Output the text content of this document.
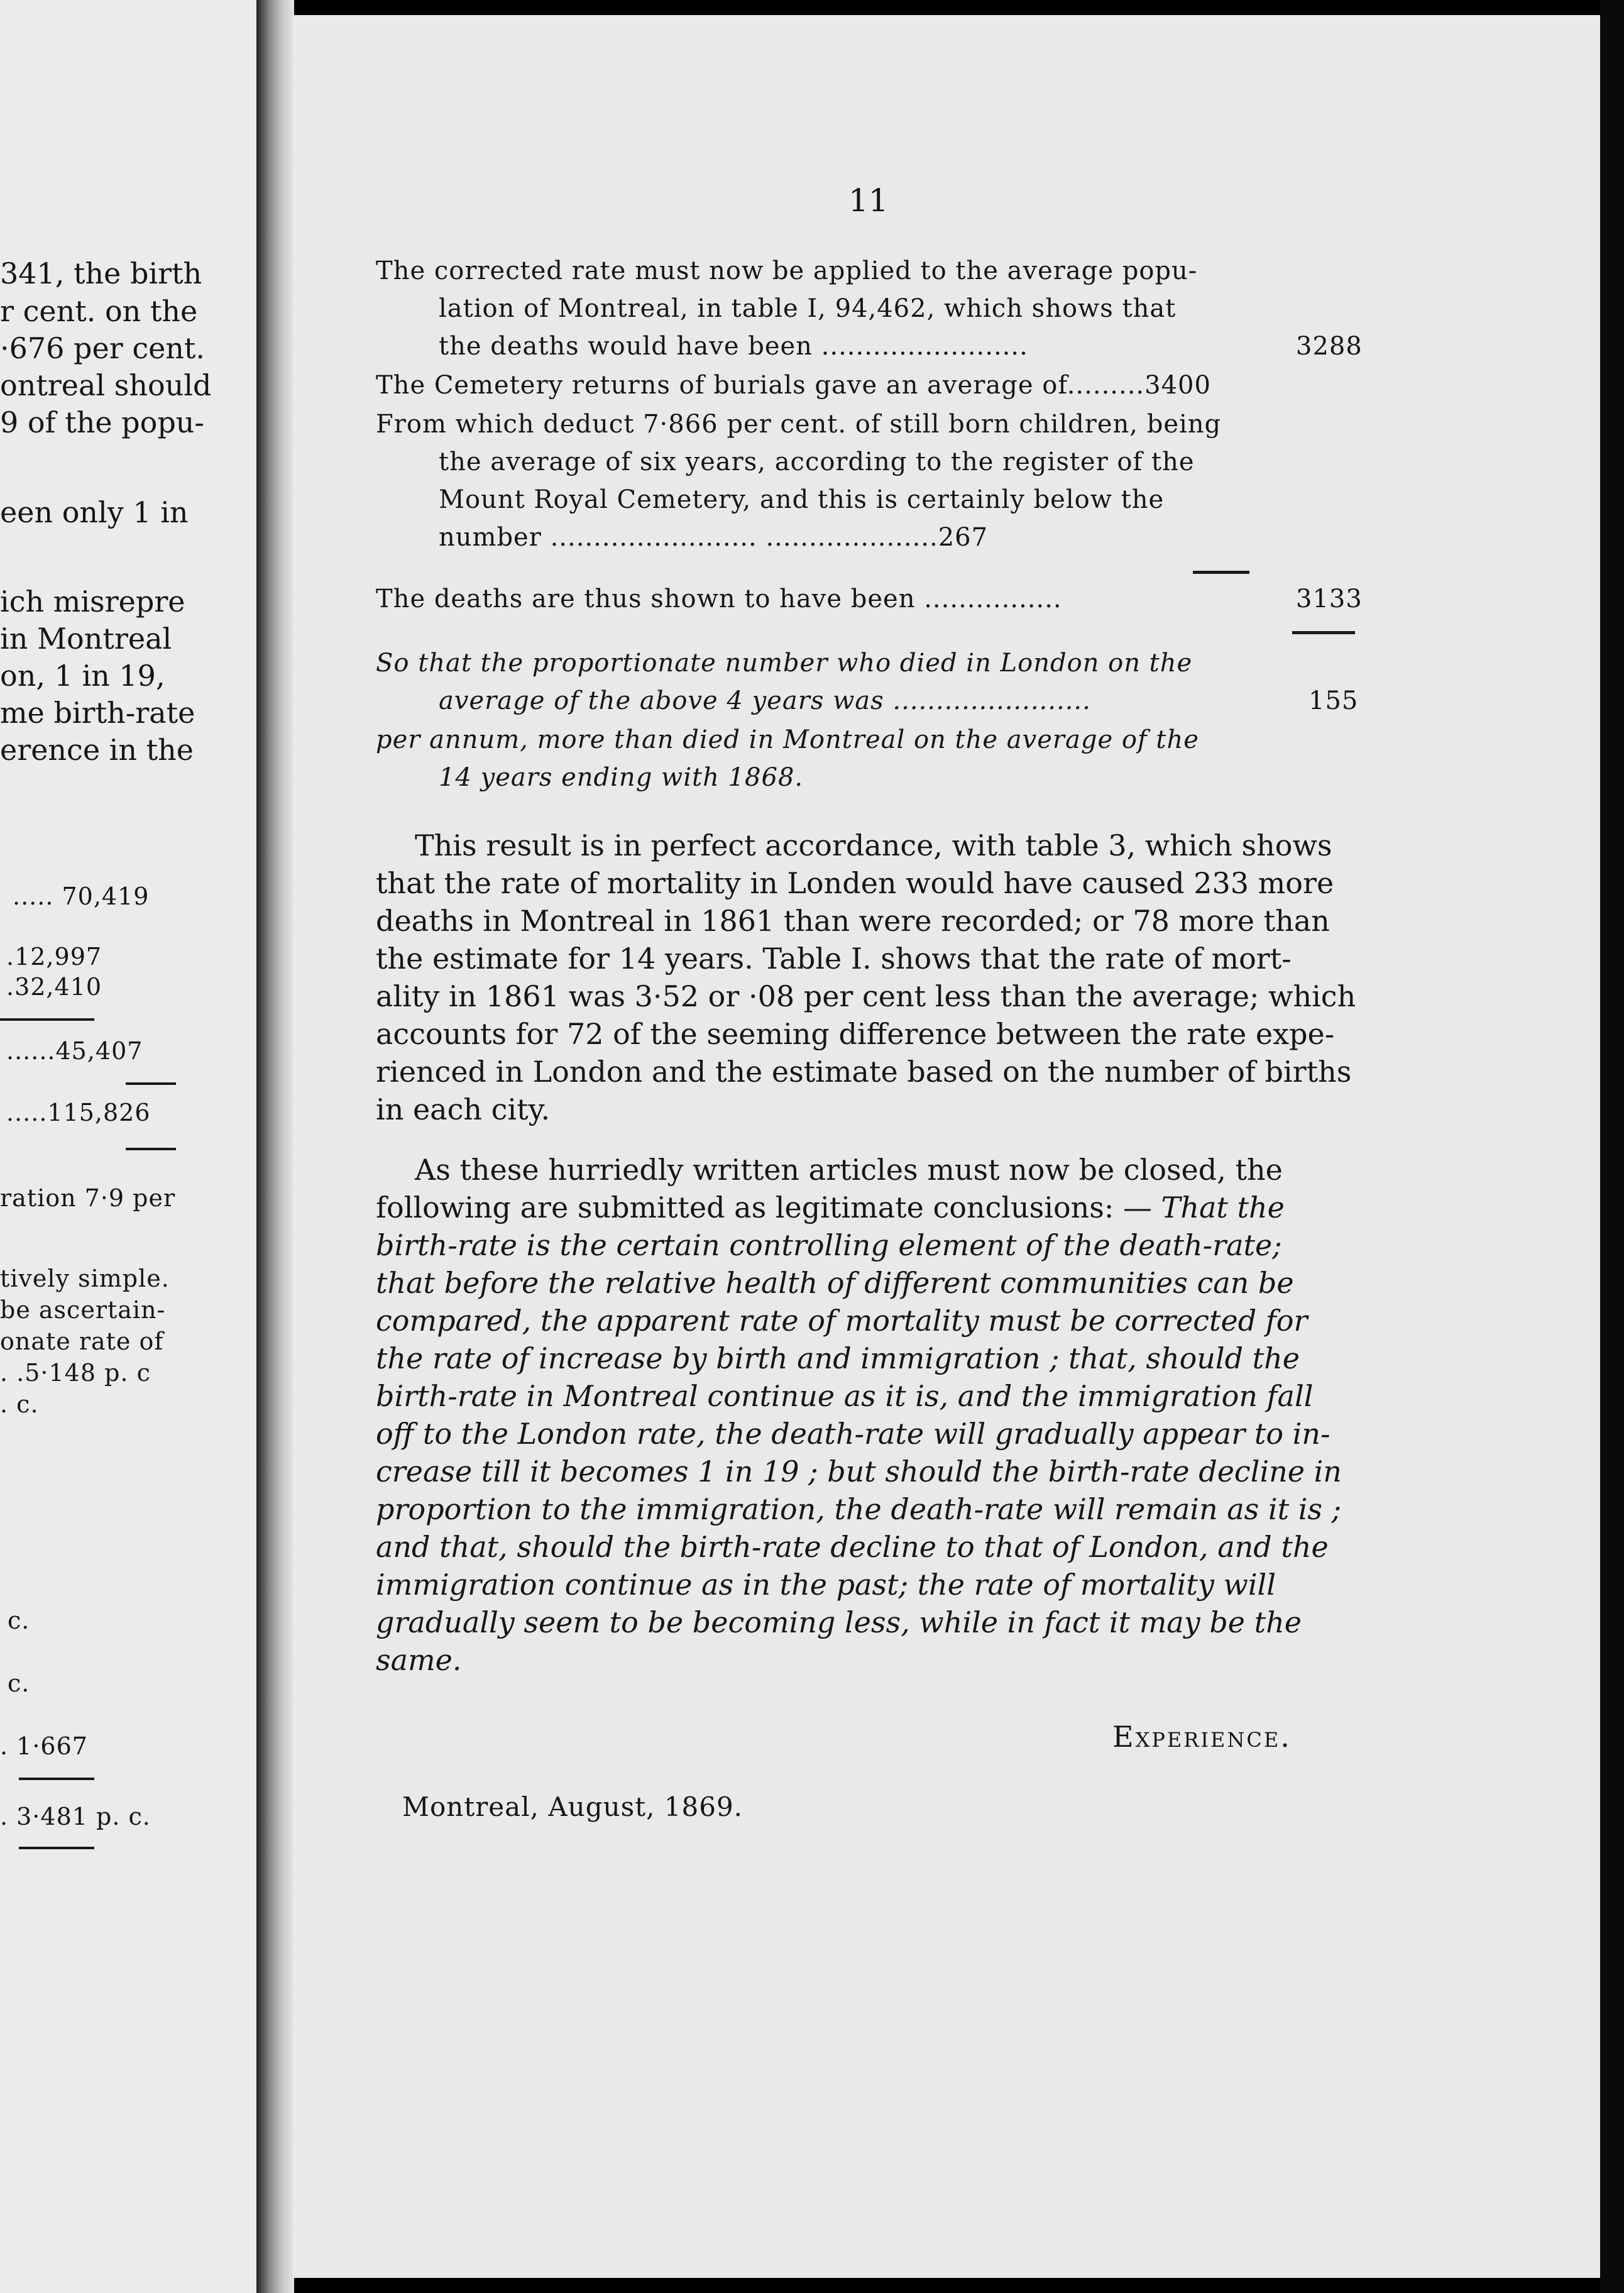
341, the birth
r cent. on the
·676 per cent.
ontreal should
9 of the popu-
een only 1 in
ich misrepre
in Montreal
on, 1 in 19,
me birth-rate
erence in the
..... 70,419
.12,997
.32,410
......45,407
.....115,826
ration 7·9 per
tively simple.
be ascertain-
onate rate of
. .5·148 p. c
. c.
c.
c.
. 1·667
. 3·481 p. c.
11
The corrected rate must now be applied to the average popu-
lation of Montreal, in table I, 94,462, which shows that
the deaths would have been ........................	3288
The Cemetery returns of burials gave an average of.........3400
From which deduct 7·866 per cent. of still born children, being
the average of six years, according to the register of the
Mount Royal Cemetery, and this is certainly below the
number ........................ ....................267
The deaths are thus shown to have been ................	3133
So that the proportionate number who died in London on the
average of the above 4 years was .......................	155
per annum, more than died in Montreal on the average of the
14 years ending with 1868.
This result is in perfect accordance, with table 3, which shows
that the rate of mortality in Londen would have caused 233 more
deaths in Montreal in 1861 than were recorded; or 78 more than
the estimate for 14 years. Table I. shows that the rate of mort-
ality in 1861 was 3·52 or ·08 per cent less than the average; which
accounts for 72 of the seeming difference between the rate expe-
rienced in London and the estimate based on the number of births
in each city.
As these hurriedly written articles must now be closed, the
following are submitted as legitimate conclusions: — That the
birth-rate is the certain controlling element of the death-rate;
that before the relative health of different communities can be
compared, the apparent rate of mortality must be corrected for
the rate of increase by birth and immigration ; that, should the
birth-rate in Montreal continue as it is, and the immigration fall
off to the London rate, the death-rate will gradually appear to in-
crease till it becomes 1 in 19 ; but should the birth-rate decline in
proportion to the immigration, the death-rate will remain as it is ;
and that, should the birth-rate decline to that of London, and the
immigration continue as in the past; the rate of mortality will
gradually seem to be becoming less, while in fact it may be the
same.
Experience.
Montreal, August, 1869.
